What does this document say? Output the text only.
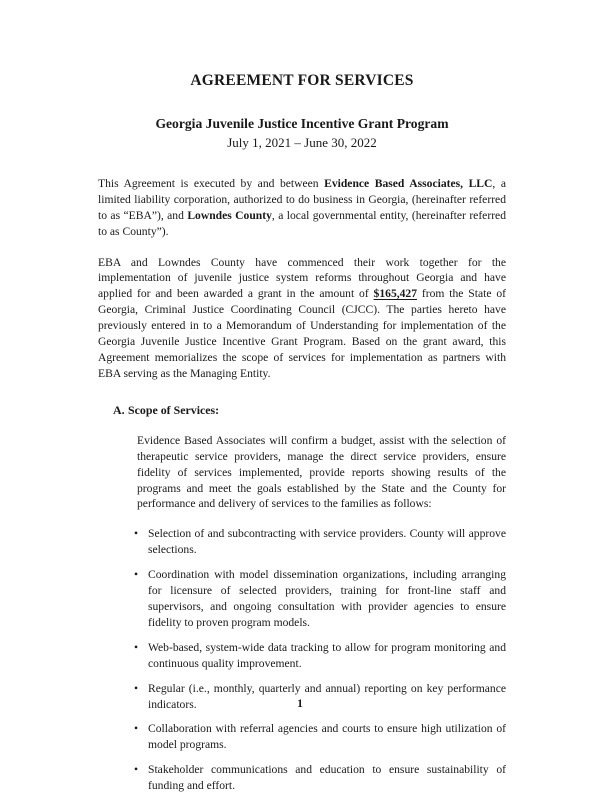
AGREEMENT FOR SERVICES
Georgia Juvenile Justice Incentive Grant Program
July 1, 2021 – June 30, 2022

This Agreement is executed by and between Evidence Based Associates, LLC, a limited liability corporation, authorized to do business in Georgia, (hereinafter referred to as “EBA”), and Lowndes County, a local governmental entity, (hereinafter referred to as County”).

EBA and Lowndes County have commenced their work together for the implementation of juvenile justice system reforms throughout Georgia and have applied for and been awarded a grant in the amount of $165,427 from the State of Georgia, Criminal Justice Coordinating Council (CJCC). The parties hereto have previously entered in to a Memorandum of Understanding for implementation of the Georgia Juvenile Justice Incentive Grant Program. Based on the grant award, this Agreement memorializes the scope of services for implementation as partners with EBA serving as the Managing Entity.

A. Scope of Services:

Evidence Based Associates will confirm a budget, assist with the selection of therapeutic service providers, manage the direct service providers, ensure fidelity of services implemented, provide reports showing results of the programs and meet the goals established by the State and the County for performance and delivery of services to the families as follows:

• Selection of and subcontracting with service providers. County will approve selections.
• Coordination with model dissemination organizations, including arranging for licensure of selected providers, training for front-line staff and supervisors, and ongoing consultation with provider agencies to ensure fidelity to proven program models.
• Web-based, system-wide data tracking to allow for program monitoring and continuous quality improvement.
• Regular (i.e., monthly, quarterly and annual) reporting on key performance indicators.
• Collaboration with referral agencies and courts to ensure high utilization of model programs.
• Stakeholder communications and education to ensure sustainability of funding and effort.
1
